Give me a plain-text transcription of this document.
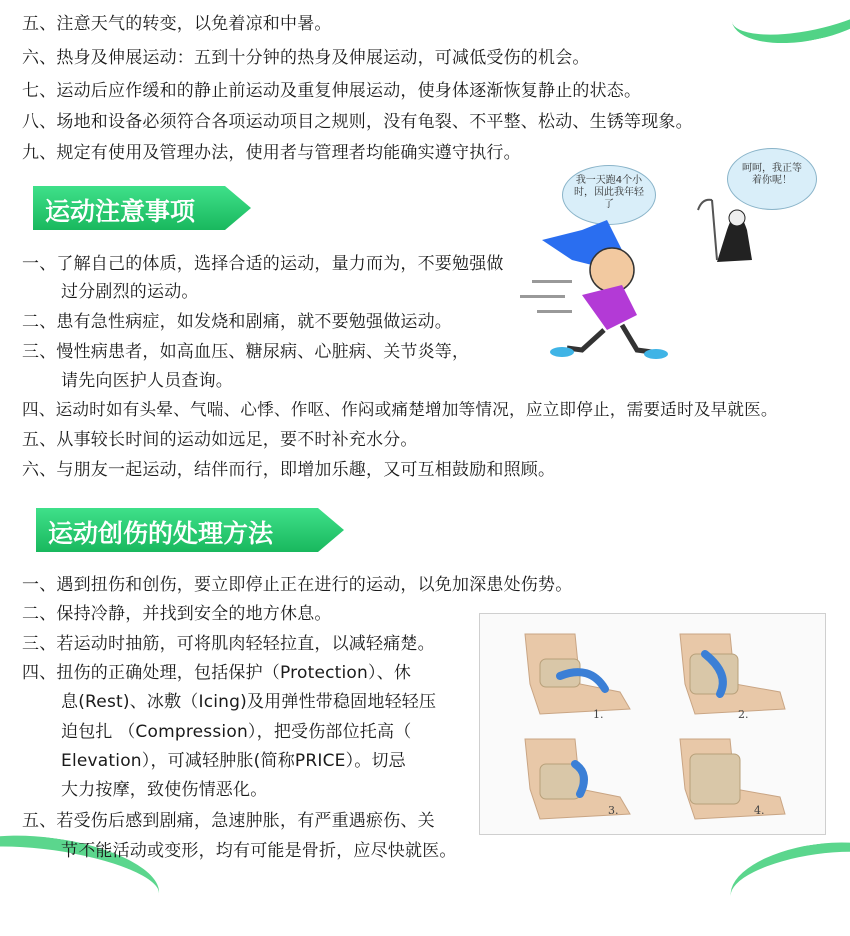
五、注意天气的转变，以免着凉和中暑。
六、热身及伸展运动：五到十分钟的热身及伸展运动，可减低受伤的机会。
七、运动后应作缓和的静止前运动及重复伸展运动，使身体逐渐恢复静止的状态。
八、场地和设备必须符合各项运动项目之规则，没有龟裂、不平整、松动、生锈等现象。
九、规定有使用及管理办法，使用者与管理者均能确实遵守执行。
运动注意事项
一、了解自己的体质，选择合适的运动，量力而为，不要勉强做
过分剧烈的运动。
二、患有急性病症，如发烧和剧痛，就不要勉强做运动。
三、慢性病患者，如高血压、糖尿病、心脏病、关节炎等，
请先向医护人员查询。
四、运动时如有头晕、气喘、心悸、作呕、作闷或痛楚增加等情况，应立即停止，需要适时及早就医。
五、从事较长时间的运动如远足，要不时补充水分。
六、与朋友一起运动，结伴而行，即增加乐趣，又可互相鼓励和照顾。
我一天跑4个小时，因此我年轻了
呵呵，我正等着你呢！
运动创伤的处理方法
一、遇到扭伤和创伤，要立即停止正在进行的运动，以免加深患处伤势。
二、保持冷静，并找到安全的地方休息。
三、若运动时抽筋，可将肌肉轻轻拉直，以减轻痛楚。
四、扭伤的正确处理，包括保护（Protection）、休
息(Rest)、冰敷（Icing)及用弹性带稳固地轻轻压
迫包扎 （Compression），把受伤部位托高（
Elevation），可减轻肿胀(简称PRICE）。切忌
大力按摩，致使伤情恶化。
五、若受伤后感到剧痛，急速肿胀，有严重遇瘀伤、关
节不能活动或变形，均有可能是骨折，应尽快就医。
1.	2.
3.	4.
